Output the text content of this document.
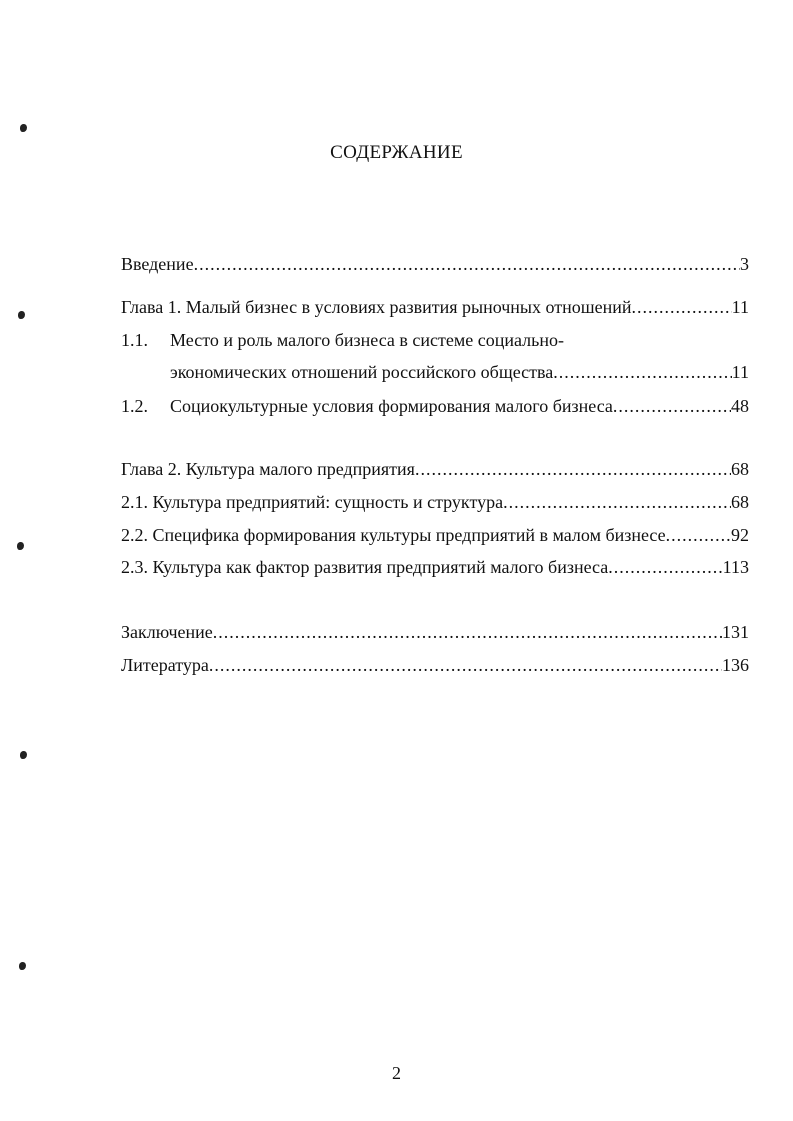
СОДЕРЖАНИЕ
Введение .....	3
Глава 1. Малый бизнес в условиях развития рыночных отношений .....	11
1.1.	Место и роль малого бизнеса в системе социально-
экономических отношений российского общества .....	11
1.2.	Социокультурные условия формирования малого бизнеса .....	48
Глава 2. Культура малого предприятия .....	68
2.1. Культура предприятий: сущность и структура .....	68
2.2. Специфика формирования культуры предприятий в малом бизнесе .....	92
2.3. Культура как фактор развития предприятий малого бизнеса .....	113
Заключение .....	131
Литература .....	136
2
